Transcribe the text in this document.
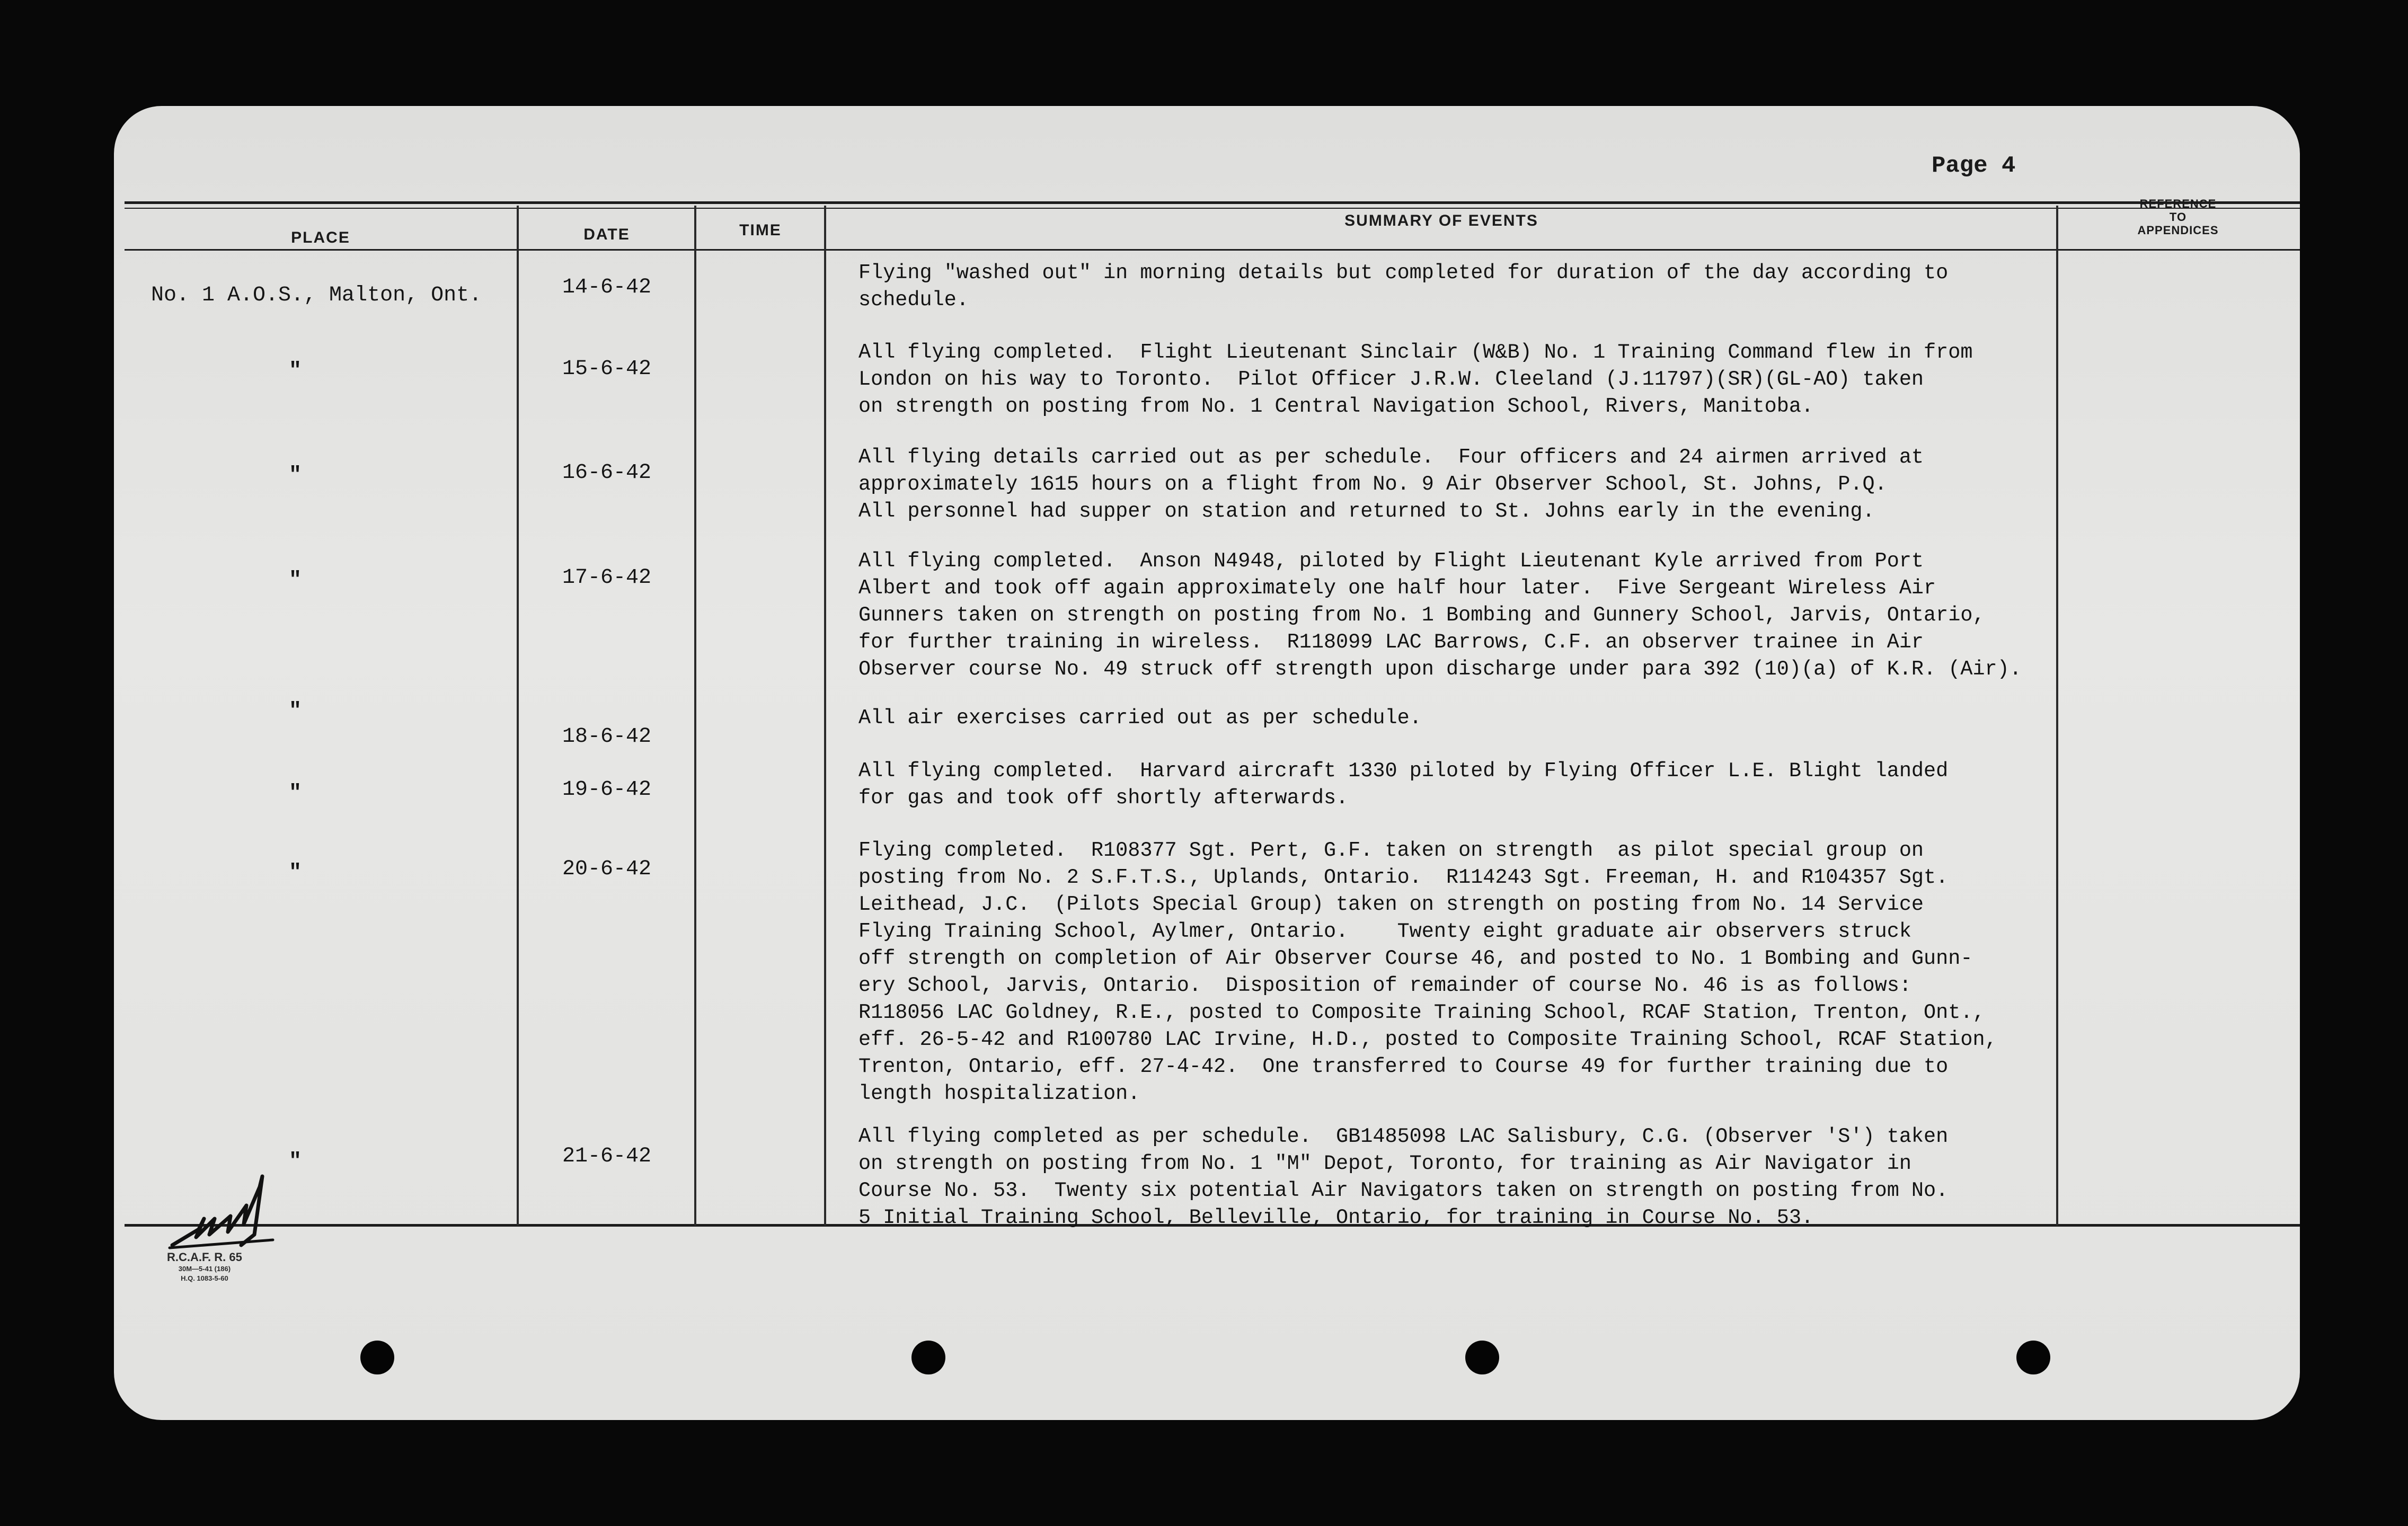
Page 4
PLACE	DATE	TIME
SUMMARY OF EVENTS
REFERENCE
TO
APPENDICES
No. 1 A.O.S., Malton, Ont.
"
"
"
"
"
"
"
14-6-42
15-6-42
16-6-42
17-6-42
18-6-42
19-6-42
20-6-42
21-6-42
Flying "washed out" in morning details but completed for duration of the day according to
schedule.
All flying completed.  Flight Lieutenant Sinclair (W&B) No. 1 Training Command flew in from
London on his way to Toronto.  Pilot Officer J.R.W. Cleeland (J.11797)(SR)(GL-AO) taken
on strength on posting from No. 1 Central Navigation School, Rivers, Manitoba.
All flying details carried out as per schedule.  Four officers and 24 airmen arrived at
approximately 1615 hours on a flight from No. 9 Air Observer School, St. Johns, P.Q.
All personnel had supper on station and returned to St. Johns early in the evening.
All flying completed.  Anson N4948, piloted by Flight Lieutenant Kyle arrived from Port
Albert and took off again approximately one half hour later.  Five Sergeant Wireless Air
Gunners taken on strength on posting from No. 1 Bombing and Gunnery School, Jarvis, Ontario,
for further training in wireless.  R118099 LAC Barrows, C.F. an observer trainee in Air
Observer course No. 49 struck off strength upon discharge under para 392 (10)(a) of K.R. (Air).
All air exercises carried out as per schedule.
All flying completed.  Harvard aircraft 1330 piloted by Flying Officer L.E. Blight landed
for gas and took off shortly afterwards.
Flying completed.  R108377 Sgt. Pert, G.F. taken on strength  as pilot special group on
posting from No. 2 S.F.T.S., Uplands, Ontario.  R114243 Sgt. Freeman, H. and R104357 Sgt.
Leithead, J.C.  (Pilots Special Group) taken on strength on posting from No. 14 Service
Flying Training School, Aylmer, Ontario.    Twenty eight graduate air observers struck
off strength on completion of Air Observer Course 46, and posted to No. 1 Bombing and Gunn-
ery School, Jarvis, Ontario.  Disposition of remainder of course No. 46 is as follows:
R118056 LAC Goldney, R.E., posted to Composite Training School, RCAF Station, Trenton, Ont.,
eff. 26-5-42 and R100780 LAC Irvine, H.D., posted to Composite Training School, RCAF Station,
Trenton, Ontario, eff. 27-4-42.  One transferred to Course 49 for further training due to
length hospitalization.
All flying completed as per schedule.  GB1485098 LAC Salisbury, C.G. (Observer 'S') taken
on strength on posting from No. 1 "M" Depot, Toronto, for training as Air Navigator in
Course No. 53.  Twenty six potential Air Navigators taken on strength on posting from No.
5 Initial Training School, Belleville, Ontario, for training in Course No. 53.
R.C.A.F. R. 65
30M—5-41 (186)
H.Q. 1083-5-60
